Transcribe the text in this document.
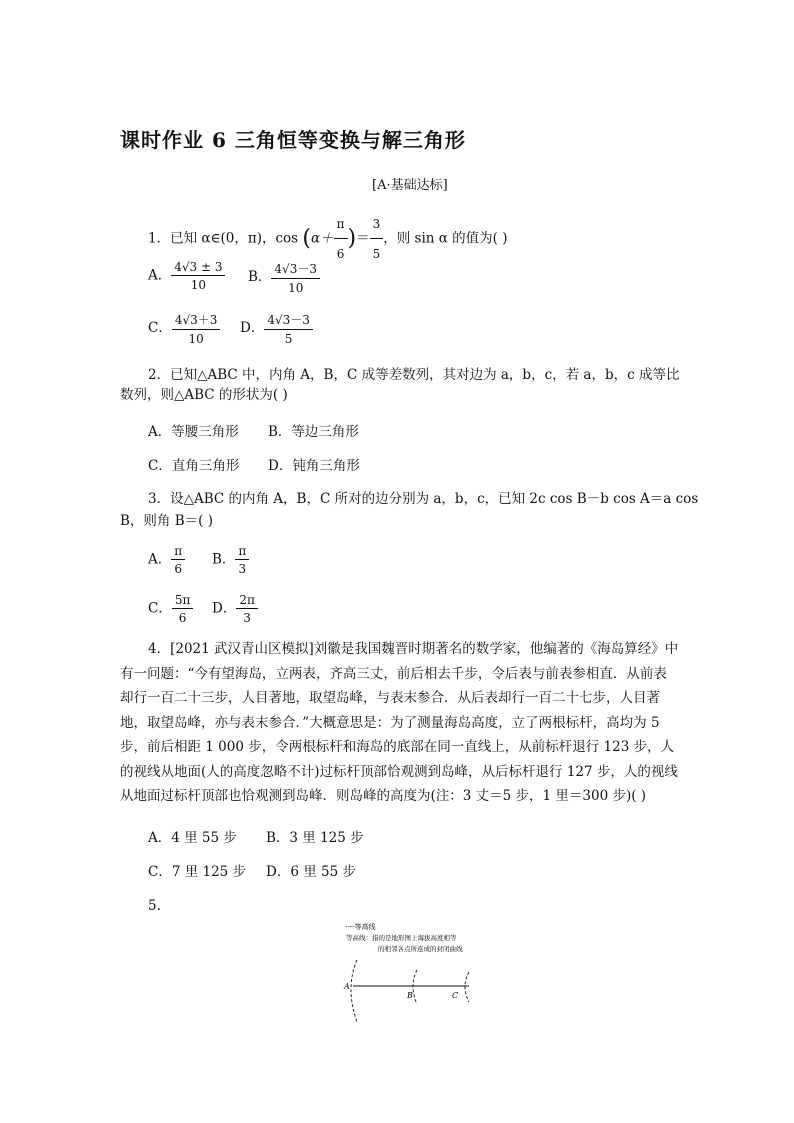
课时作业 6 三角恒等变换与解三角形
[A·基础达标]
1．已知 α∈(0，π)，$\cos (\alpha+ \frac{\pi}{6}$ )＝ $\frac{3}{5}$ ，则 sin α 的值为( )
A． $\frac{4√3 \pm 3}{10}$ B． $\frac{4√3-3}{10}$
C． $\frac{4√3+3}{10}$ D． $\frac{4√3-3}{5}$
2．已知△ABC 中，内角 A，B，C 成等差数列，其对边为 a，b，c，若 a，b，c 成等比
数列，则△ABC 的形状为( )
A．等腰三角形 B．等边三角形
C．直角三角形 D．钝角三角形
3．设△ABC 的内角 A，B，C 所对的边分别为 a，b，c，已知 2c cos B－b cos A＝a cos
B，则角 B＝( )
A． $\frac{\pi}{6}$ B． $\frac{\pi}{3}$
C． $\frac{5\pi}{6}$ D． $\frac{2\pi}{3}$
4．[2021 武汉青山区模拟]刘徽是我国魏晋时期著名的数学家，他编著的《海岛算经》中有一问题：“今有望海岛，立两表，齐高三丈，前后相去千步，令后表与前表参相直．从前表却行一百二十三步，人目著地，取望岛峰，与表末参合．从后表却行一百二十七步，人目著地，取望岛峰，亦与表末参合．”大概意思是：为了测量海岛高度，立了两根标杆，高均为 5 步，前后相距 1 000 步，令两根标杆和海岛的底部在同一直线上，从前标杆退行 123 步，人的视线从地面(人的高度忽略不计)过标杆顶部恰观测到岛峰，从后标杆退行 127 步，人的视线从地面过标杆顶部也恰观测到岛峰．则岛峰的高度为(注：3 丈＝5 步，1 里＝300 步)( )
A．4 里 55 步 B．3 里 125 步
C．7 里 125 步 D．6 里 55 步
5.
----等高线
等高线：指的是地形图上海拔高度相等
的相邻各点所连成的封闭曲线
A
B	C
